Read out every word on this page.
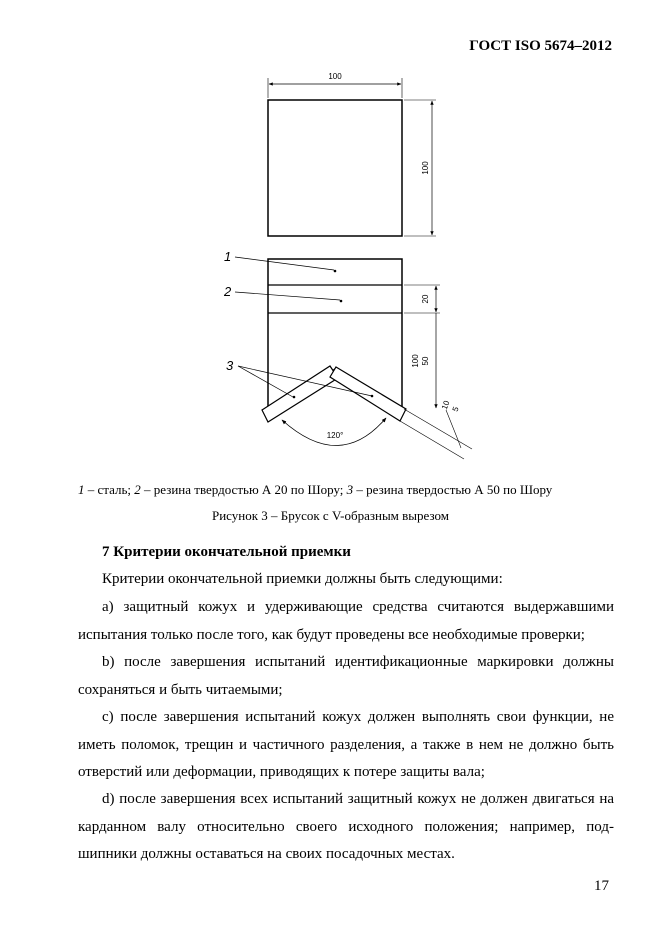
ГОСТ ISO 5674–2012
100
100
20
100 50
10 5
120°
1
2
3
1 – сталь; 2 – резина твердостью А 20 по Шору; 3 – резина твердостью А 50 по Шору
Рисунок 3 – Брусок с V-образным вырезом
7 Критерии окончательной приемки
Критерии окончательной приемки должны быть следующими:
а) защитный кожух и удерживающие средства считаются выдержавшими испытания только после того, как будут проведены все необходимые проверки;
b) после завершения испытаний идентификационные маркировки должны сохраняться и быть читаемыми;
c) после завершения испытаний кожух должен выполнять свои функции, не иметь поломок, трещин и частичного разделения, а также в нем не должно быть отверстий или деформации, приводящих к потере защиты вала;
d) после завершения всех испытаний защитный кожух не должен двигаться на карданном валу относительно своего исходного положения; например, под-шипники должны оставаться на своих посадочных местах.
17
